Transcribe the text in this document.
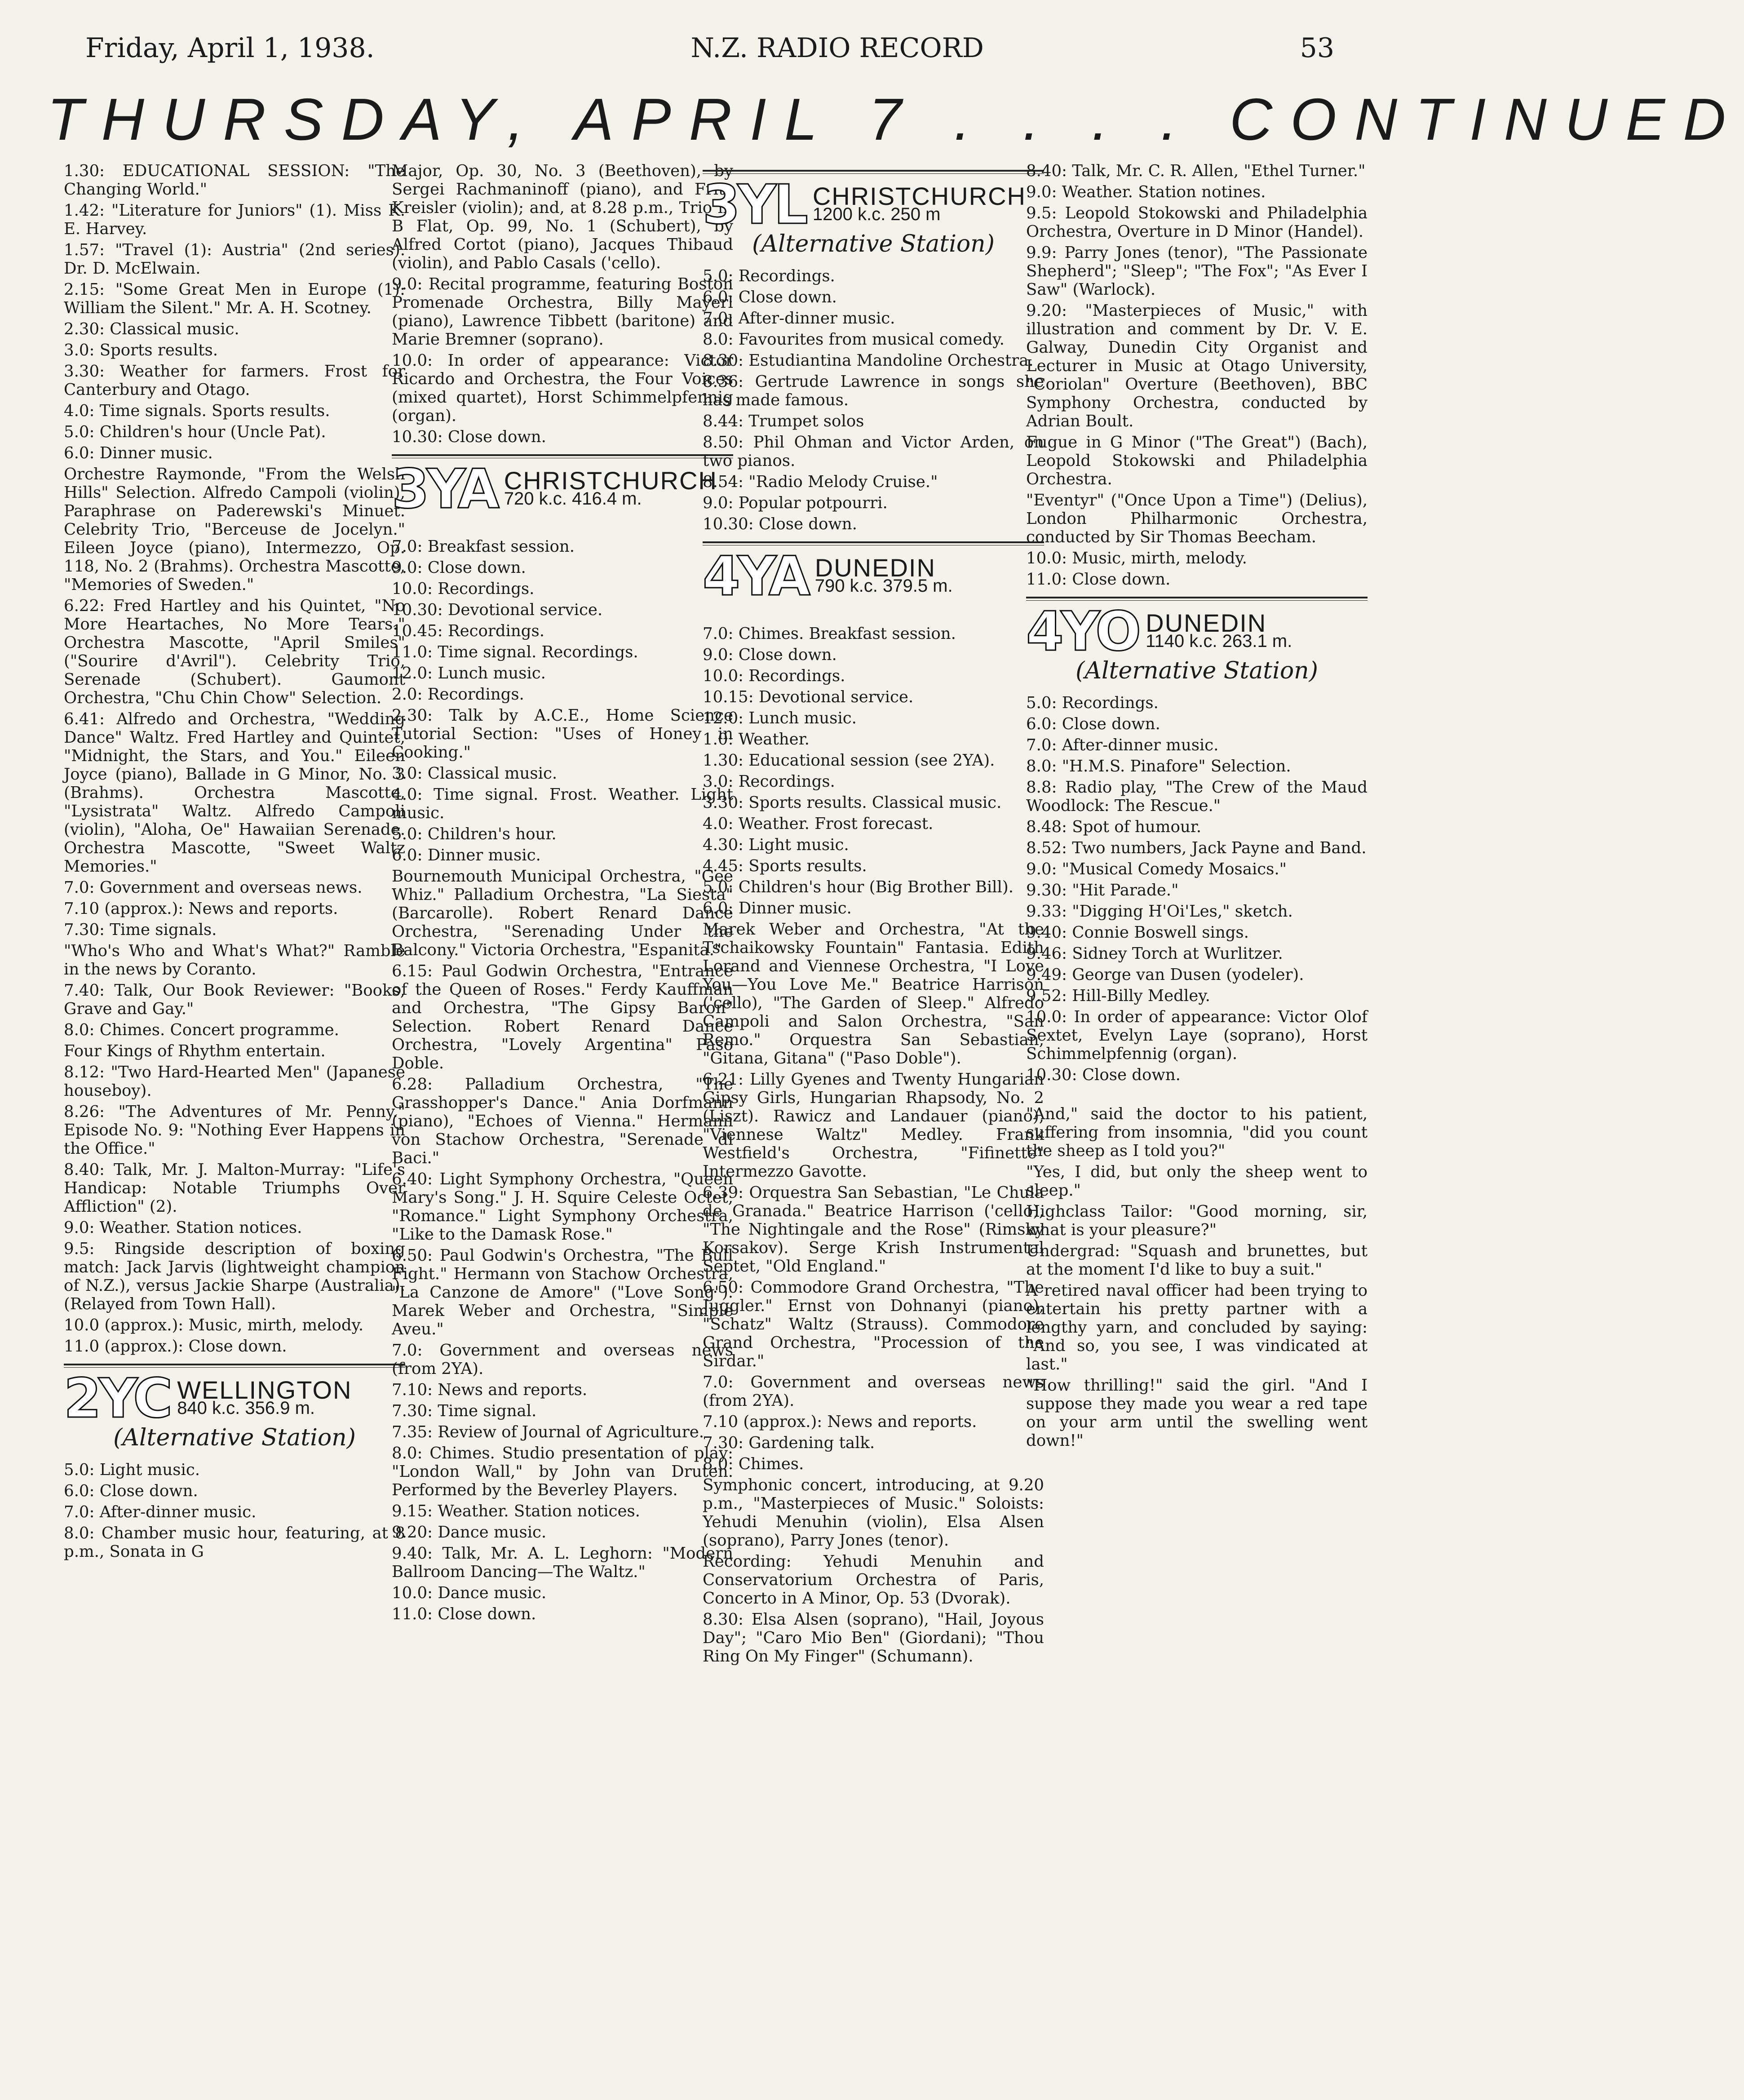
Friday, April 1, 1938.	N.Z. RADIO RECORD	53
THURSDAY, APRIL 7 . . . . CONTINUED

1.30: EDUCATIONAL SESSION: "The Changing World."

1.42: "Literature for Juniors" (1). Miss K. E. Harvey.

1.57: "Travel (1): Austria" (2nd series). Dr. D. McElwain.

2.15: "Some Great Men in Europe (1): William the Silent." Mr. A. H. Scotney.

2.30: Classical music.

3.0: Sports results.

3.30: Weather for farmers. Frost for Canterbury and Otago.

4.0: Time signals. Sports results.

5.0: Children's hour (Uncle Pat).

6.0: Dinner music.

Orchestre Raymonde, "From the Welsh Hills" Selection. Alfredo Campoli (violin), Paraphrase on Paderewski's Minuet. Celebrity Trio, "Berceuse de Jocelyn." Eileen Joyce (piano), Intermezzo, Op. 118, No. 2 (Brahms). Orchestra Mascotte, "Memories of Sweden."

6.22: Fred Hartley and his Quintet, "No More Heartaches, No More Tears." Orchestra Mascotte, "April Smiles" ("Sourire d'Avril"). Celebrity Trio, Serenade (Schubert). Gaumont Orchestra, "Chu Chin Chow" Selection.

6.41: Alfredo and Orchestra, "Wedding Dance" Waltz. Fred Hartley and Quintet, "Midnight, the Stars, and You." Eileen Joyce (piano), Ballade in G Minor, No. 3 (Brahms). Orchestra Mascotte, "Lysistrata" Waltz. Alfredo Campoli (violin), "Aloha, Oe" Hawaiian Serenade. Orchestra Mascotte, "Sweet Waltz Memories."

7.0: Government and overseas news.

7.10 (approx.): News and reports.

7.30: Time signals.

"Who's Who and What's What?" Ramble in the news by Coranto.

7.40: Talk, Our Book Reviewer: "Books, Grave and Gay."

8.0: Chimes. Concert programme.

Four Kings of Rhythm entertain.

8.12: "Two Hard-Hearted Men" (Japanese houseboy).

8.26: "The Adventures of Mr. Penny." Episode No. 9: "Nothing Ever Happens in the Office."

8.40: Talk, Mr. J. Malton-Murray: "Life's Handicap: Notable Triumphs Over Affliction" (2).

9.0: Weather. Station notices.

9.5: Ringside description of boxing match: Jack Jarvis (lightweight champion of N.Z.), versus Jackie Sharpe (Australia). (Relayed from Town Hall).

10.0 (approx.): Music, mirth, melody.

11.0 (approx.): Close down.

2YC WELLINGTON
840 k.c. 356.9 m.
(Alternative Station)

5.0: Light music.

6.0: Close down.

7.0: After-dinner music.

8.0: Chamber music hour, featuring, at 8 p.m., Sonata in G

Major, Op. 30, No. 3 (Beethoven), by Sergei Rachmaninoff (piano), and Fritz Kreisler (violin); and, at 8.28 p.m., Trio in B Flat, Op. 99, No. 1 (Schubert), by Alfred Cortot (piano), Jacques Thibaud (violin), and Pablo Casals ('cello).

9.0: Recital programme, featuring Boston Promenade Orchestra, Billy Mayerl (piano), Lawrence Tibbett (baritone) and Marie Bremner (soprano).

10.0: In order of appearance: Victor Ricardo and Orchestra, the Four Voices (mixed quartet), Horst Schimmelpfennig (organ).

10.30: Close down.

3YA CHRISTCHURCH
720 k.c. 416.4 m.

7.0: Breakfast session.

9.0: Close down.

10.0: Recordings.

10.30: Devotional service.

10.45: Recordings.

11.0: Time signal. Recordings.

12.0: Lunch music.

2.0: Recordings.

2.30: Talk by A.C.E., Home Science Tutorial Section: "Uses of Honey in Cooking."

3.0: Classical music.

4.0: Time signal. Frost. Weather. Light music.

5.0: Children's hour.

6.0: Dinner music.

Bournemouth Municipal Orchestra, "Gee Whiz." Palladium Orchestra, "La Siesta" (Barcarolle). Robert Renard Dance Orchestra, "Serenading Under the Balcony." Victoria Orchestra, "Espanita."

6.15: Paul Godwin Orchestra, "Entrance of the Queen of Roses." Ferdy Kauffman and Orchestra, "The Gipsy Baron" Selection. Robert Renard Dance Orchestra, "Lovely Argentina" Paso Doble.

6.28: Palladium Orchestra, "The Grasshopper's Dance." Ania Dorfmann (piano), "Echoes of Vienna." Hermann von Stachow Orchestra, "Serenade di Baci."

6.40: Light Symphony Orchestra, "Queen Mary's Song." J. H. Squire Celeste Octet, "Romance." Light Symphony Orchestra, "Like to the Damask Rose."

6.50: Paul Godwin's Orchestra, "The Bull Fight." Hermann von Stachow Orchestra, "La Canzone de Amore" ("Love Song"). Marek Weber and Orchestra, "Simple Aveu."

7.0: Government and overseas news (from 2YA).

7.10: News and reports.

7.30: Time signal.

7.35: Review of Journal of Agriculture.

8.0: Chimes. Studio presentation of play: "London Wall," by John van Druten. Performed by the Beverley Players.

9.15: Weather. Station notices.

9.20: Dance music.

9.40: Talk, Mr. A. L. Leghorn: "Modern Ballroom Dancing—The Waltz."

10.0: Dance music.

11.0: Close down.

3YL CHRISTCHURCH
1200 k.c. 250 m
(Alternative Station)

5.0: Recordings.

6.0: Close down.

7.0: After-dinner music.

8.0: Favourites from musical comedy.

8.30: Estudiantina Mandoline Orchestra.

8.36: Gertrude Lawrence in songs she has made famous.

8.44: Trumpet solos

8.50: Phil Ohman and Victor Arden, on two pianos.

8.54: "Radio Melody Cruise."

9.0: Popular potpourri.

10.30: Close down.

4YA DUNEDIN
790 k.c. 379.5 m.

7.0: Chimes. Breakfast session.

9.0: Close down.

10.0: Recordings.

10.15: Devotional service.

12.0: Lunch music.

1.0: Weather.

1.30: Educational session (see 2YA).

3.0: Recordings.

3.30: Sports results. Classical music.

4.0: Weather. Frost forecast.

4.30: Light music.

4.45: Sports results.

5.0: Children's hour (Big Brother Bill).

6.0: Dinner music.

Marek Weber and Orchestra, "At the Tschaikowsky Fountain" Fantasia. Edith Lorand and Viennese Orchestra, "I Love You—You Love Me." Beatrice Harrison ('cello), "The Garden of Sleep." Alfredo Campoli and Salon Orchestra, "San Remo." Orquestra San Sebastian, "Gitana, Gitana" ("Paso Doble").

6.21: Lilly Gyenes and Twenty Hungarian Gipsy Girls, Hungarian Rhapsody, No. 2 (Liszt). Rawicz and Landauer (piano), "Viennese Waltz" Medley. Frank Westfield's Orchestra, "Fifinette" Intermezzo Gavotte.

6.39: Orquestra San Sebastian, "Le Chula de Granada." Beatrice Harrison ('cello), "The Nightingale and the Rose" (Rimsky Korsakov). Serge Krish Instrumental Septet, "Old England."

6.50: Commodore Grand Orchestra, "The Juggler." Ernst von Dohnanyi (piano), "Schatz" Waltz (Strauss). Commodore Grand Orchestra, "Procession of the Sirdar."

7.0: Government and overseas news (from 2YA).

7.10 (approx.): News and reports.

7.30: Gardening talk.

8.0: Chimes.

Symphonic concert, introducing, at 9.20 p.m., "Masterpieces of Music." Soloists: Yehudi Menuhin (violin), Elsa Alsen (soprano), Parry Jones (tenor).

Recording: Yehudi Menuhin and Conservatorium Orchestra of Paris, Concerto in A Minor, Op. 53 (Dvorak).

8.30: Elsa Alsen (soprano), "Hail, Joyous Day"; "Caro Mio Ben" (Giordani); "Thou Ring On My Finger" (Schumann).

8.40: Talk, Mr. C. R. Allen, "Ethel Turner."

9.0: Weather. Station notines.

9.5: Leopold Stokowski and Philadelphia Orchestra, Overture in D Minor (Handel).

9.9: Parry Jones (tenor), "The Passionate Shepherd"; "Sleep"; "The Fox"; "As Ever I Saw" (Warlock).

9.20: "Masterpieces of Music," with illustration and comment by Dr. V. E. Galway, Dunedin City Organist and Lecturer in Music at Otago University, "Coriolan" Overture (Beethoven), BBC Symphony Orchestra, conducted by Adrian Boult.

Fugue in G Minor ("The Great") (Bach), Leopold Stokowski and Philadelphia Orchestra.

"Eventyr" ("Once Upon a Time") (Delius), London Philharmonic Orchestra, conducted by Sir Thomas Beecham.

10.0: Music, mirth, melody.

11.0: Close down.

4YO DUNEDIN
1140 k.c. 263.1 m.
(Alternative Station)

5.0: Recordings.

6.0: Close down.

7.0: After-dinner music.

8.0: "H.M.S. Pinafore" Selection.

8.8: Radio play, "The Crew of the Maud Woodlock: The Rescue."

8.48: Spot of humour.

8.52: Two numbers, Jack Payne and Band.

9.0: "Musical Comedy Mosaics."

9.30: "Hit Parade."

9.33: "Digging H'Oi'Les," sketch.

9.40: Connie Boswell sings.

9.46: Sidney Torch at Wurlitzer.

9.49: George van Dusen (yodeler).

9.52: Hill-Billy Medley.

10.0: In order of appearance: Victor Olof Sextet, Evelyn Laye (soprano), Horst Schimmelpfennig (organ).

10.30: Close down.

"And," said the doctor to his patient, suffering from insomnia, "did you count the sheep as I told you?"

"Yes, I did, but only the sheep went to sleep."

Highclass Tailor: "Good morning, sir, what is your pleasure?"

Undergrad: "Squash and brunettes, but at the moment I'd like to buy a suit."

A retired naval officer had been trying to entertain his pretty partner with a lengthy yarn, and concluded by saying: "And so, you see, I was vindicated at last."

"How thrilling!" said the girl. "And I suppose they made you wear a red tape on your arm until the swelling went down!"
